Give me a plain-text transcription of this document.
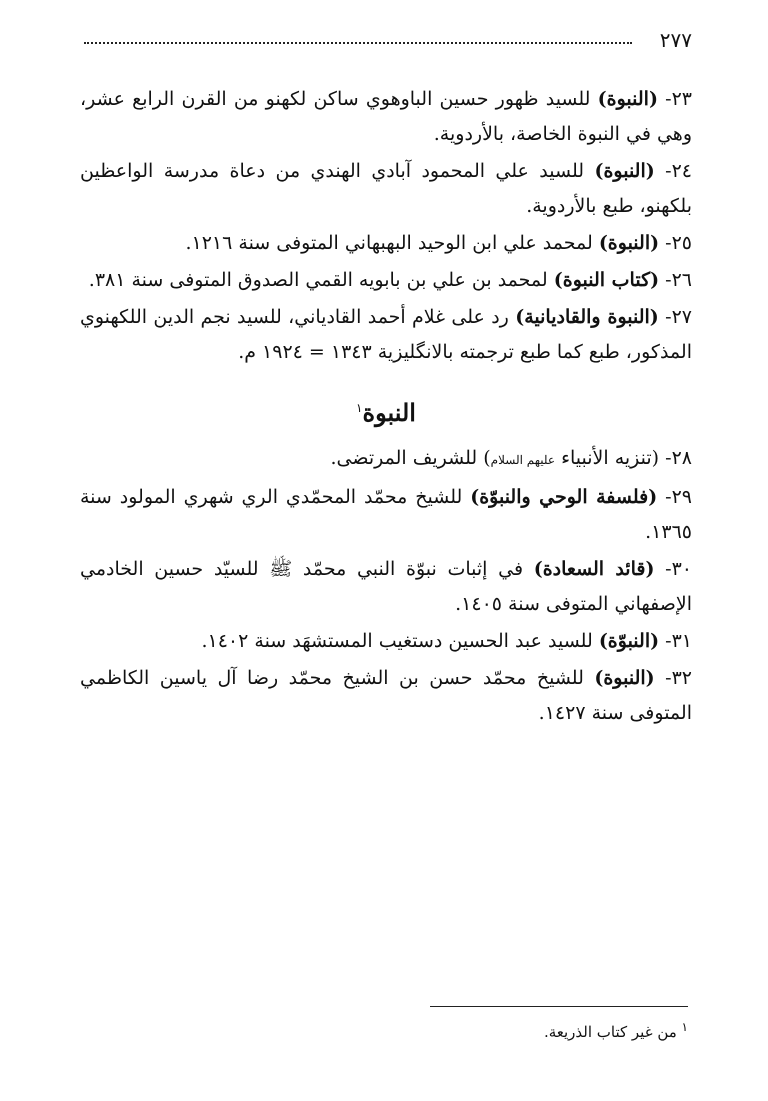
٢٧٧

٢٣- (النبوة) للسيد ظهور حسين الباوهوي ساكن لكهنو من القرن الرابع عشر، وهي في النبوة الخاصة، بالأردوية.

٢٤- (النبوة) للسيد علي المحمود آبادي الهندي من دعاة مدرسة الواعظين بلكهنو، طبع بالأردوية.

٢٥- (النبوة) لمحمد علي ابن الوحيد البهبهاني المتوفى سنة ١٢١٦.

٢٦- (كتاب النبوة) لمحمد بن علي بن بابويه القمي الصدوق المتوفى سنة ٣٨١.

٢٧- (النبوة والقاديانية) رد على غلام أحمد القادياني، للسيد نجم الدين اللكهنوي المذكور، طبع كما طبع ترجمته بالانگليزية ١٣٤٣ = ١٩٢٤ م.

النبوة$^١$

٢٨- (تنزيه الأنبياء عليهم السلام) للشريف المرتضى.

٢٩- (فلسفة الوحي والنبوّة) للشيخ محمّد المحمّدي الري شهري المولود سنة ١٣٦٥.

٣٠- (قائد السعادة) في إثبات نبوّة النبي محمّد ﷺ للسيّد حسين الخادمي الإصفهاني المتوفى سنة ١٤٠٥.

٣١- (النبوّة) للسيد عبد الحسين دستغيب المستشهَد سنة ١٤٠٢.

٣٢- (النبوة) للشيخ محمّد حسن بن الشيخ محمّد رضا آل ياسين الكاظمي المتوفى سنة ١٤٢٧.

$^١$ من غير كتاب الذريعة.
